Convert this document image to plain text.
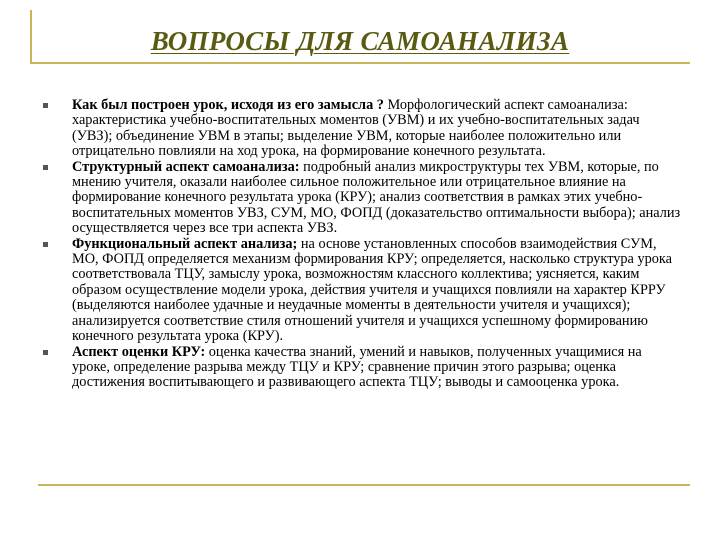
ВОПРОСЫ ДЛЯ САМОАНАЛИЗА
Как был построен урок, исходя из его замысла ? Морфологический аспект самоанализа: характеристика учебно-воспитательных моментов (УВМ) и их учебно-воспитательных задач (УВЗ); объединение УВМ в этапы; выделение УВМ, которые наиболее положительно или отрицательно повлияли на ход урока, на формирование конечного результата.
Структурный аспект самоанализа: подробный анализ микроструктуры тех УВМ, которые, по мнению учителя, оказали наиболее сильное положительное или отрицательное влияние на формирование конечного результата урока (КРУ); анализ соответствия в рамках этих учебно-воспитательных моментов УВЗ, СУМ, МО, ФОПД (доказательство оптимальности выбора); анализ осуществляется через все три аспекта УВЗ.
Функциональный аспект анализа; на основе установленных способов взаимодействия СУМ, МО, ФОПД определяется механизм формирования КРУ; определяется, насколько структура урока соответствовала ТЦУ, замыслу урока, возможностям классного коллектива; уясняется, каким образом осуществление модели урока, действия учителя и учащихся повлияли на характер КРРУ (выделяются наиболее удачные и неудачные моменты в деятельности учителя и учащихся); анализируется соответствие стиля отношений учителя и учащихся успешному формированию конечного результата урока (КРУ).
Аспект оценки КРУ: оценка качества знаний, умений и навыков, полученных учащимися на уроке, определение разрыва между ТЦУ и КРУ; сравнение причин этого разрыва; оценка достижения воспитывающего и развивающего аспекта ТЦУ; выводы и самооценка урока.
